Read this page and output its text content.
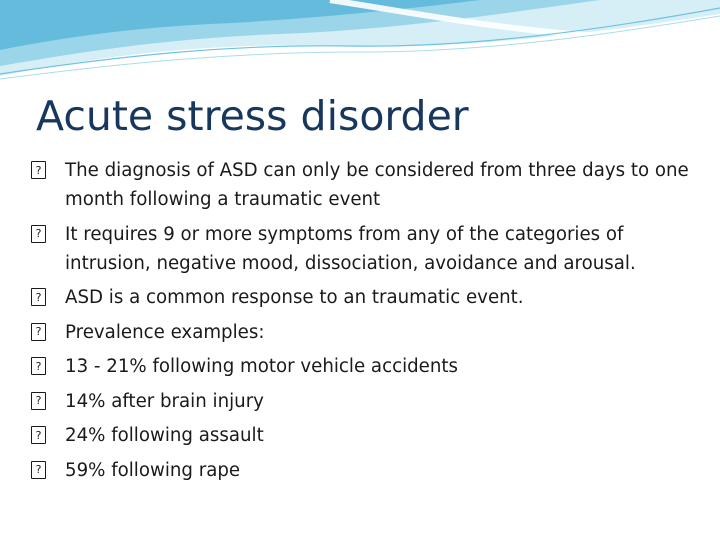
Acute stress disorder
? The diagnosis of ASD can only be considered from three days to one month following a traumatic event
? It requires 9 or more symptoms from any of the categories of intrusion, negative mood, dissociation, avoidance and arousal.
? ASD is a common response to an traumatic event.
? Prevalence examples:
? 13 - 21% following motor vehicle accidents
? 14% after brain injury
? 24% following assault
? 59% following rape
